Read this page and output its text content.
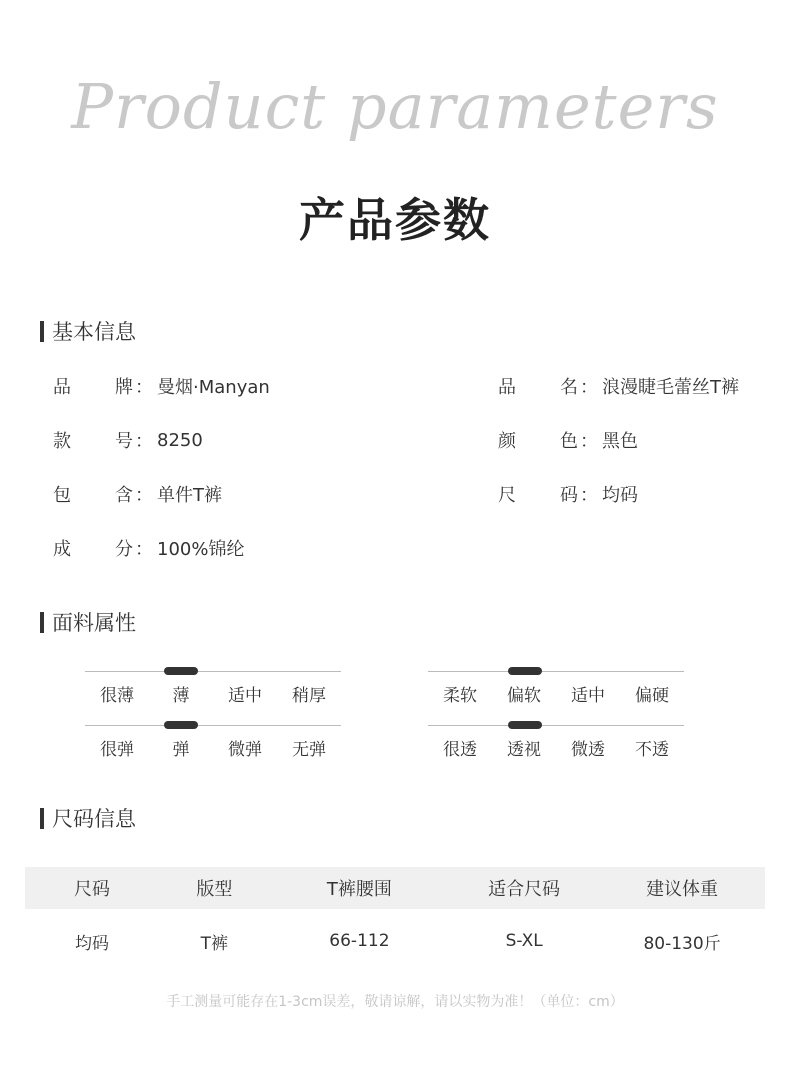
Product parameters
产品参数
基本信息
品 牌 ： 曼烟·Manyan	品 名 ： 浪漫睫毛蕾丝T裤
款 号 ： 8250	颜 色 ： 黑色
包 含 ： 单件T裤	尺 码 ： 均码
成 分 ： 100%锦纶
面料属性
很薄	薄	适中	稍厚	柔软	偏软	适中	偏硬
很弹	弹	微弹	无弹	很透	透视	微透	不透
尺码信息
尺码	版型	T裤腰围	适合尺码	建议体重
均码	T裤	66-112	S-XL	80-130斤
手工测量可能存在1-3cm误差，敬请谅解，请以实物为准！（单位：cm）
